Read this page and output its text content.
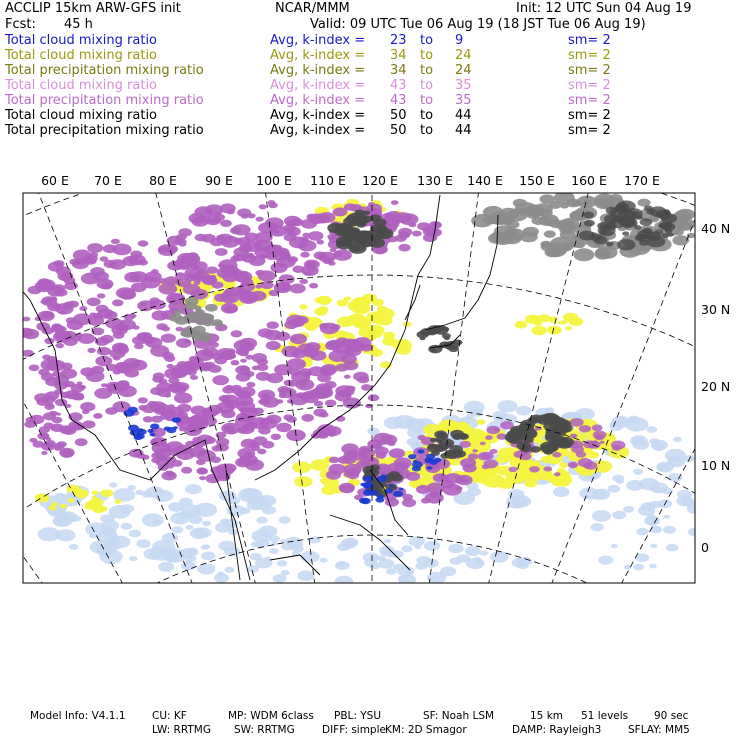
ACCLIP 15km ARW-GFS init	NCAR/MMM	Init: 12 UTC Sun 04 Aug 19
Fcst: 45 h	Valid: 09 UTC Tue 06 Aug 19 (18 JST Tue 06 Aug 19)
Total cloud mixing ratio	Avg, k-index = 23 to 9	sm= 2
Total cloud mixing ratio	Avg, k-index = 34 to 24	sm= 2
Total precipitation mixing ratio	Avg, k-index = 34 to 24	sm= 2
Total cloud mixing ratio	Avg, k-index = 43 to 35	sm= 2
Total precipitation mixing ratio	Avg, k-index = 43 to 35	sm= 2
Total cloud mixing ratio	Avg, k-index = 50 to 44	sm= 2
Total precipitation mixing ratio	Avg, k-index = 50 to 44	sm= 2
60 E 70 E 80 E 90 E 100 E 110 E 120 E 130 E 140 E 150 E 160 E 170 E
40 N
30 N
20 N
10 N
0
Model Info: V4.1.1	CU: KF	MP: WDM 6class PBL: YSU	SF: Noah LSM	15 km 51 levels 90 sec
LW: RRTMG SW: RRTMG	DIFF: simple KM: 2D Smagor	DAMP: Rayleigh3	SFLAY: MM5
